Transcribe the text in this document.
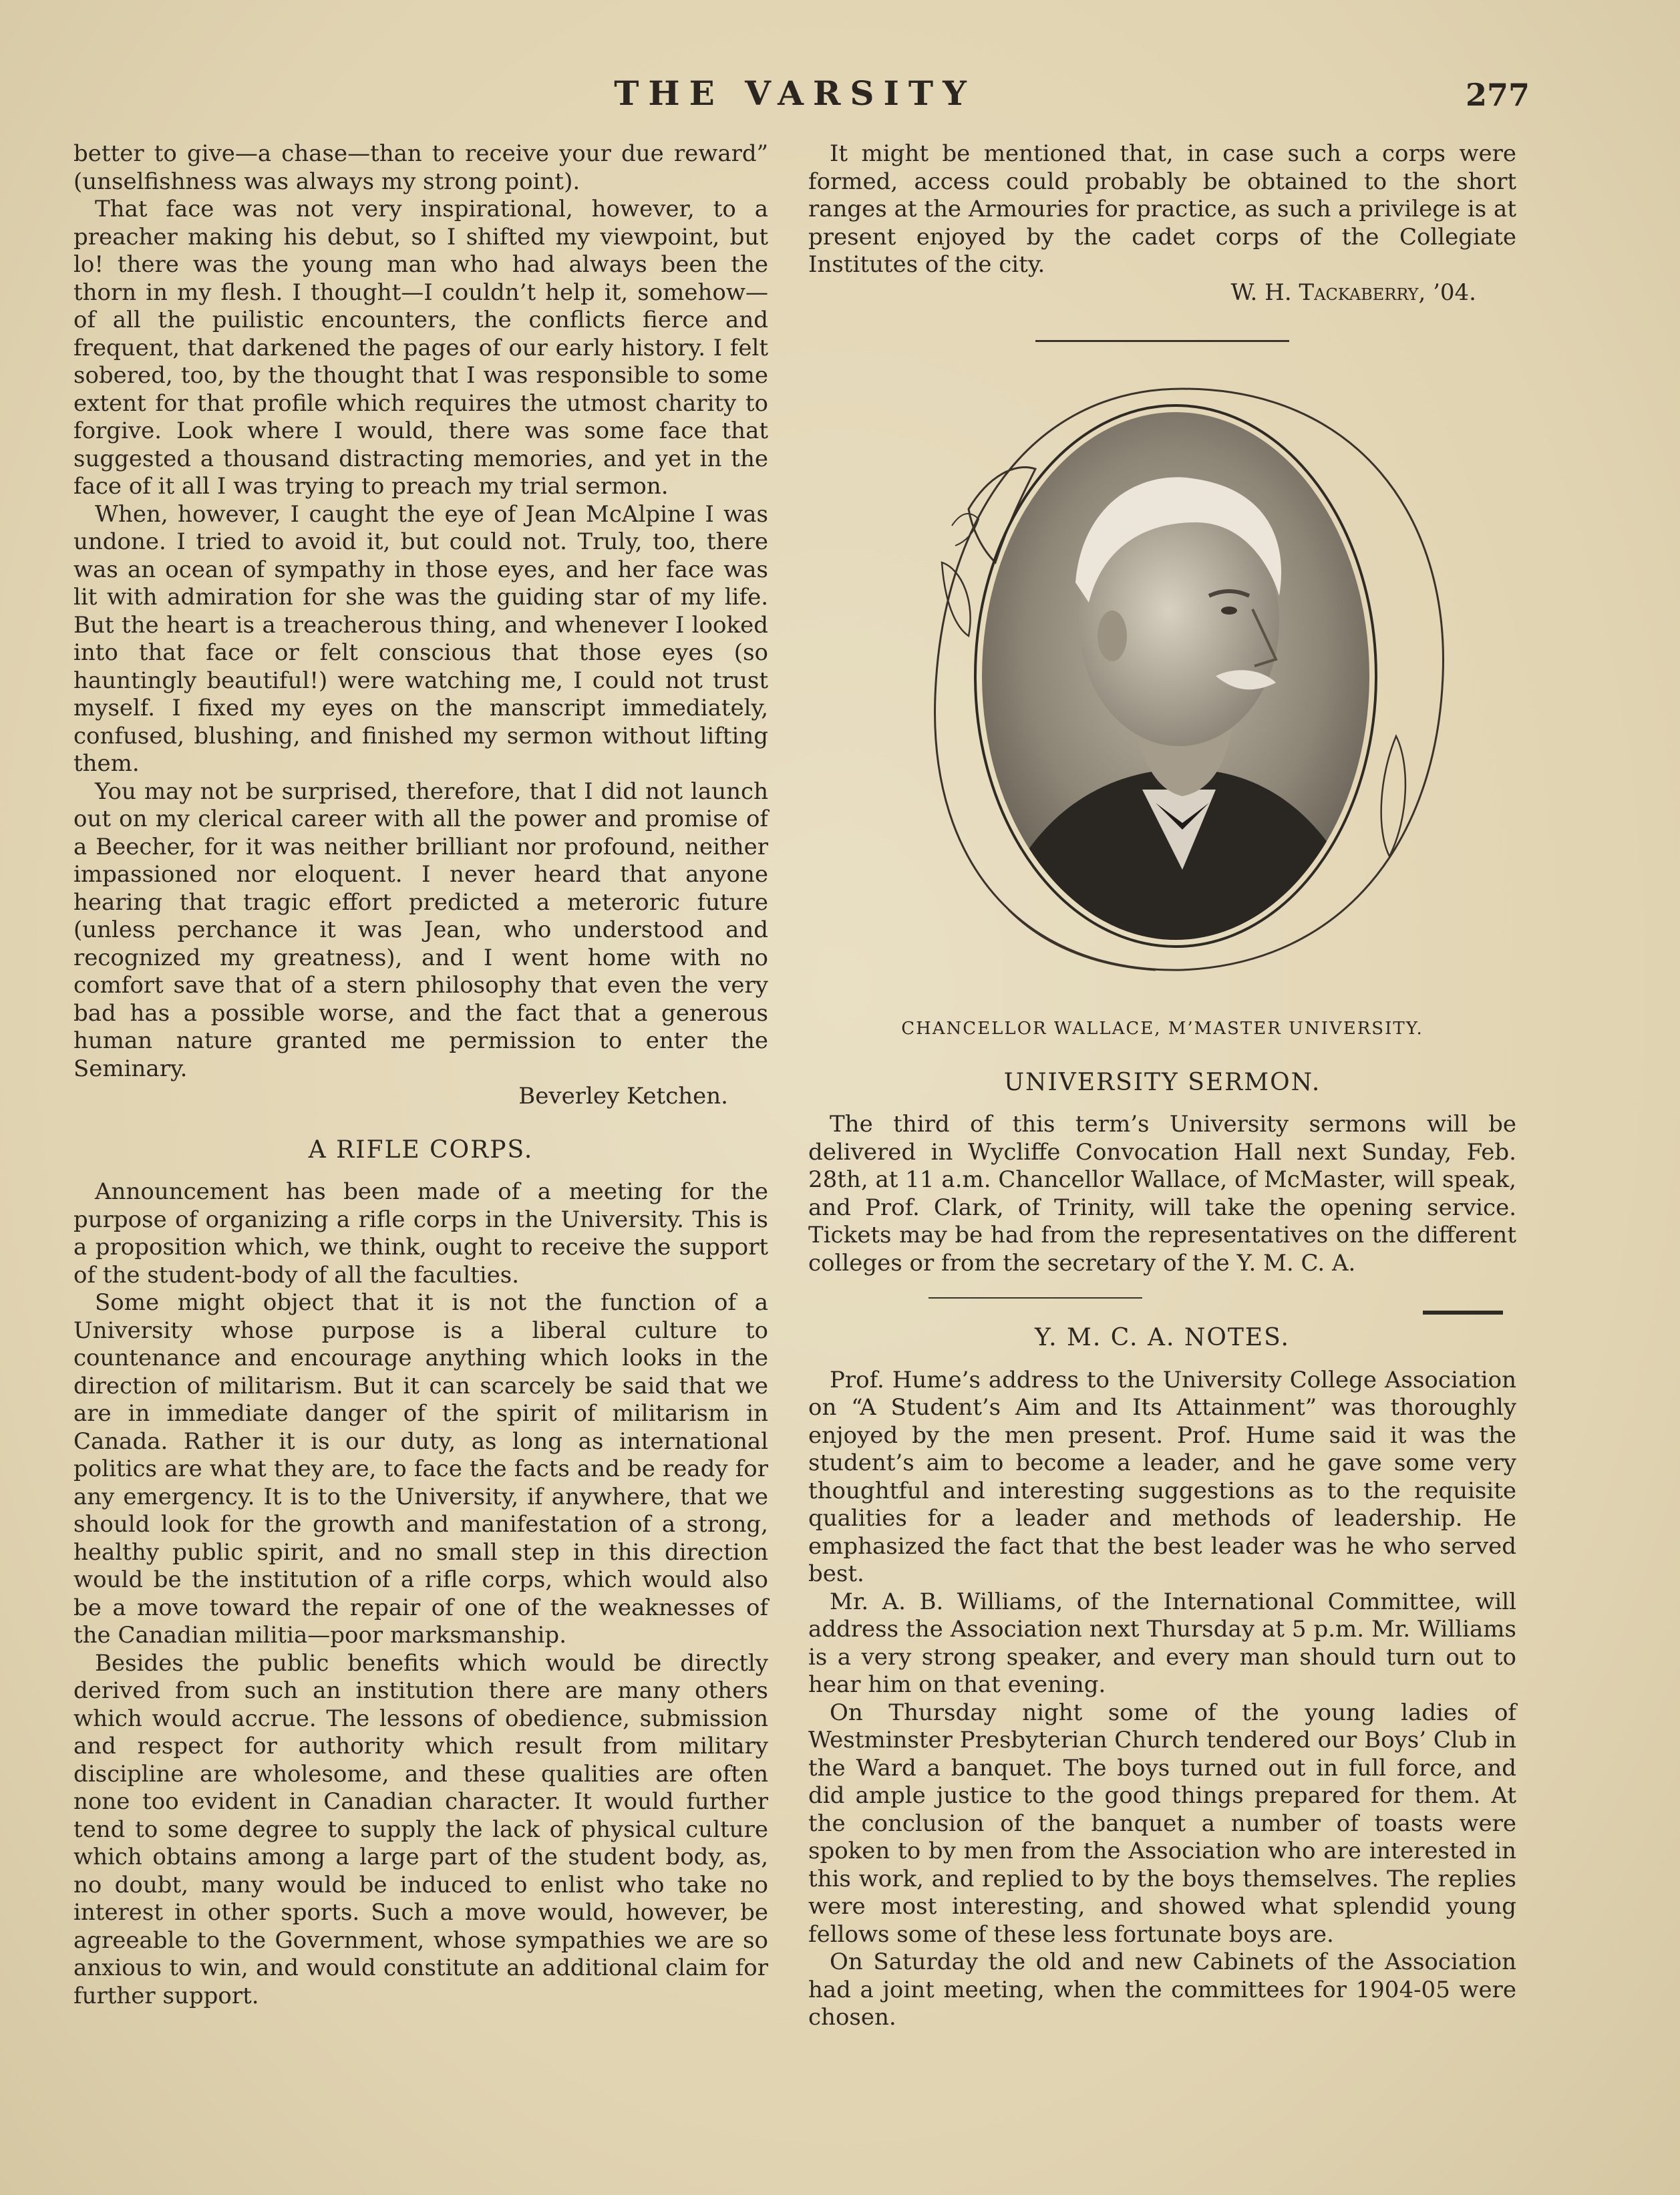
THE VARSITY	277

better to give—a chase—than to receive your due reward” (unselfishness was always my strong point).

That face was not very inspirational, however, to a preacher making his debut, so I shifted my viewpoint, but lo! there was the young man who had always been the thorn in my flesh. I thought—I couldn’t help it, somehow—of all the puilistic encounters, the conflicts fierce and frequent, that darkened the pages of our early history. I felt sobered, too, by the thought that I was responsible to some extent for that profile which requires the utmost charity to forgive. Look where I would, there was some face that suggested a thousand distracting memories, and yet in the face of it all I was trying to preach my trial sermon.

When, however, I caught the eye of Jean McAlpine I was undone. I tried to avoid it, but could not. Truly, too, there was an ocean of sympathy in those eyes, and her face was lit with admiration for she was the guiding star of my life. But the heart is a treacherous thing, and whenever I looked into that face or felt conscious that those eyes (so hauntingly beautiful!) were watching me, I could not trust myself. I fixed my eyes on the manscript immediately, confused, blushing, and finished my sermon without lifting them.

You may not be surprised, therefore, that I did not launch out on my clerical career with all the power and promise of a Beecher, for it was neither brilliant nor profound, neither impassioned nor eloquent. I never heard that anyone hearing that tragic effort predicted a meteroric future (unless perchance it was Jean, who understood and recognized my greatness), and I went home with no comfort save that of a stern philosophy that even the very bad has a possible worse, and the fact that a generous human nature granted me permission to enter the Seminary.

Beverley Ketchen.

A RIFLE CORPS.

Announcement has been made of a meeting for the purpose of organizing a rifle corps in the University. This is a proposition which, we think, ought to receive the support of the student-body of all the faculties.

Some might object that it is not the function of a University whose purpose is a liberal culture to countenance and encourage anything which looks in the direction of militarism. But it can scarcely be said that we are in immediate danger of the spirit of militarism in Canada. Rather it is our duty, as long as international politics are what they are, to face the facts and be ready for any emergency. It is to the University, if anywhere, that we should look for the growth and manifestation of a strong, healthy public spirit, and no small step in this direction would be the institution of a rifle corps, which would also be a move toward the repair of one of the weaknesses of the Canadian militia—poor marksmanship.

Besides the public benefits which would be directly derived from such an institution there are many others which would accrue. The lessons of obedience, submission and respect for authority which result from military discipline are wholesome, and these qualities are often none too evident in Canadian character. It would further tend to some degree to supply the lack of physical culture which obtains among a large part of the student body, as, no doubt, many would be induced to enlist who take no interest in other sports. Such a move would, however, be agreeable to the Government, whose sympathies we are so anxious to win, and would constitute an additional claim for further support.

It might be mentioned that, in case such a corps were formed, access could probably be obtained to the short ranges at the Armouries for practice, as such a privilege is at present enjoyed by the cadet corps of the Collegiate Institutes of the city.

W. H. Tackaberry, ’04.

CHANCELLOR WALLACE, M’MASTER UNIVERSITY.
UNIVERSITY SERMON.

The third of this term’s University sermons will be delivered in Wycliffe Convocation Hall next Sunday, Feb. 28th, at 11 a.m. Chancellor Wallace, of McMaster, will speak, and Prof. Clark, of Trinity, will take the opening service. Tickets may be had from the representatives on the different colleges or from the secretary of the Y. M. C. A.

Y. M. C. A. NOTES.

Prof. Hume’s address to the University College Association on “A Student’s Aim and Its Attainment” was thoroughly enjoyed by the men present. Prof. Hume said it was the student’s aim to become a leader, and he gave some very thoughtful and interesting suggestions as to the requisite qualities for a leader and methods of leadership. He emphasized the fact that the best leader was he who served best.

Mr. A. B. Williams, of the International Committee, will address the Association next Thursday at 5 p.m. Mr. Williams is a very strong speaker, and every man should turn out to hear him on that evening.

On Thursday night some of the young ladies of Westminster Presbyterian Church tendered our Boys’ Club in the Ward a banquet. The boys turned out in full force, and did ample justice to the good things prepared for them. At the conclusion of the banquet a number of toasts were spoken to by men from the Association who are interested in this work, and replied to by the boys themselves. The replies were most interesting, and showed what splendid young fellows some of these less fortunate boys are.

On Saturday the old and new Cabinets of the Association had a joint meeting, when the committees for 1904-05 were chosen.
